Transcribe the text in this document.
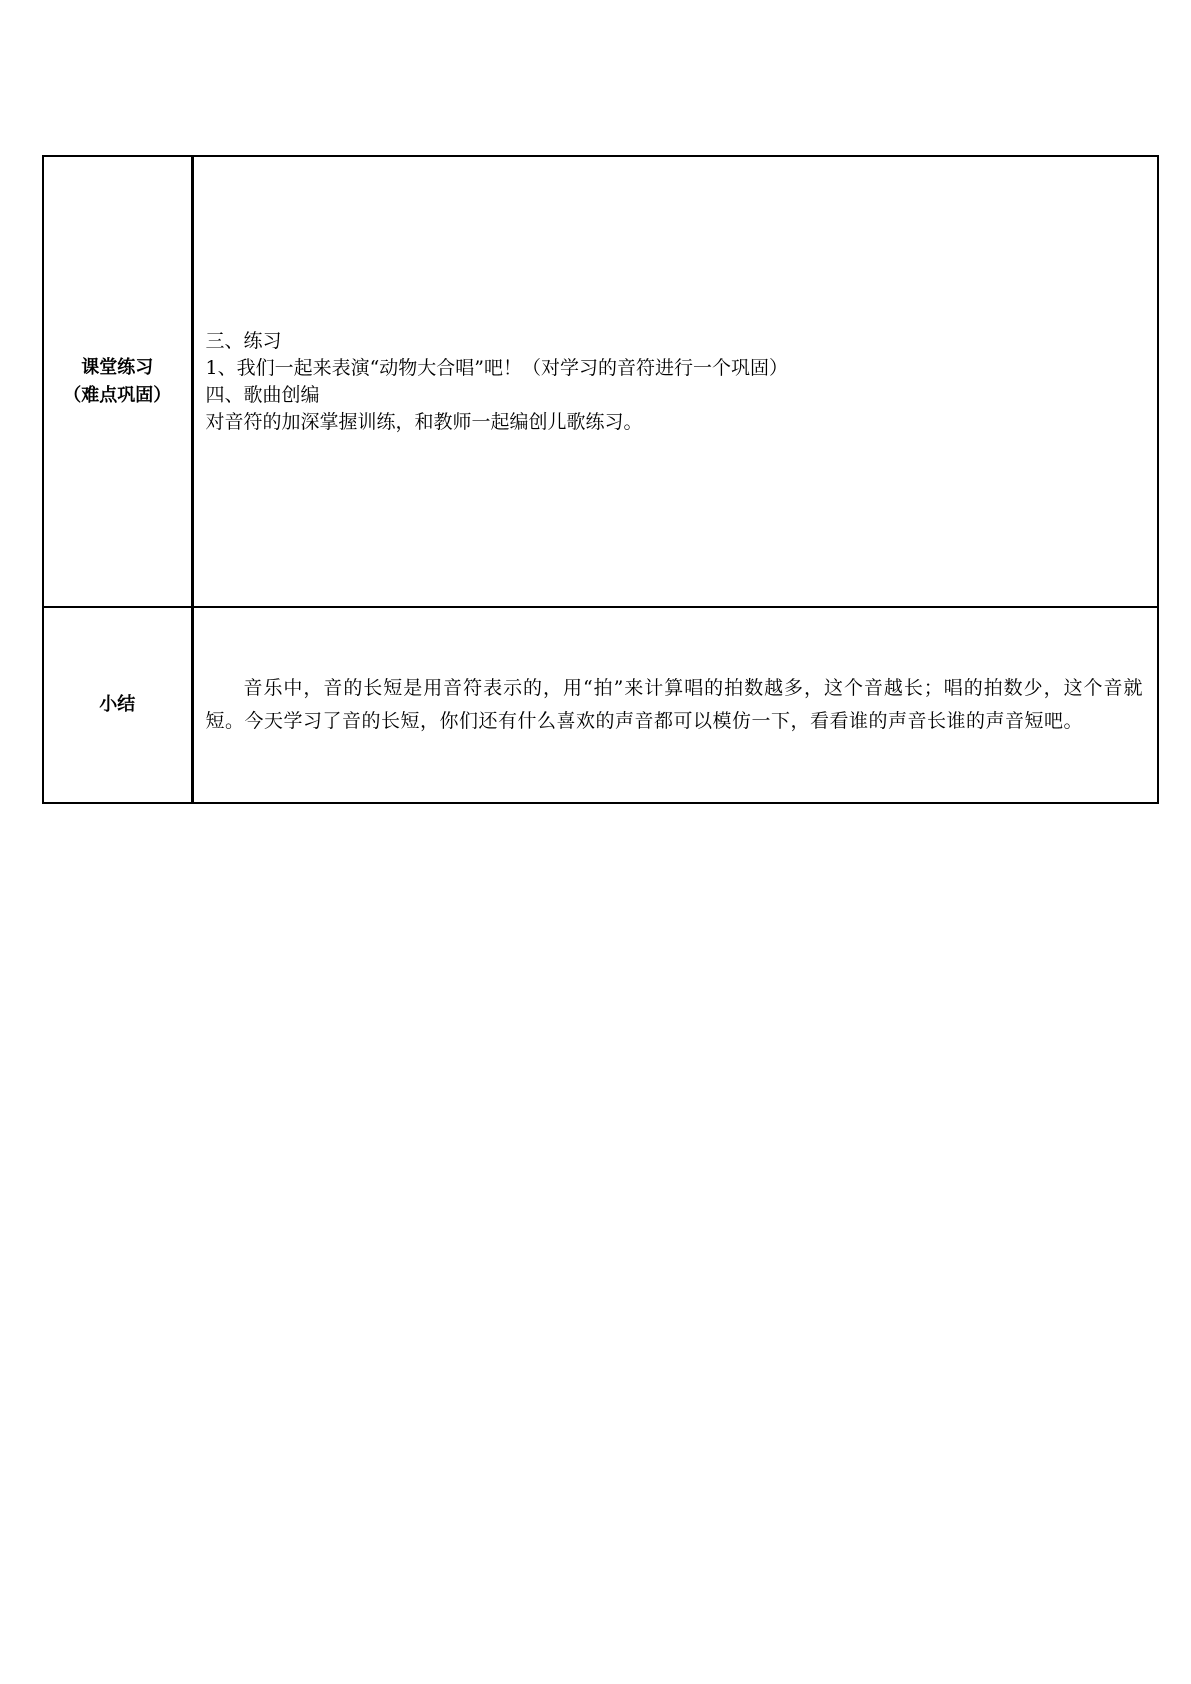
课堂练习
（难点巩固）	三、练习
1、我们一起来表演“动物大合唱”吧！（对学习的音符进行一个巩固）
四、歌曲创编
对音符的加深掌握训练，和教师一起编创儿歌练习。

小结	音乐中，音的长短是用音符表示的，用“拍”来计算唱的拍数越多，这个音越长；唱的拍数少，这个音就短。今天学习了音的长短，你们还有什么喜欢的声音都可以模仿一下，看看谁的声音长谁的声音短吧。
